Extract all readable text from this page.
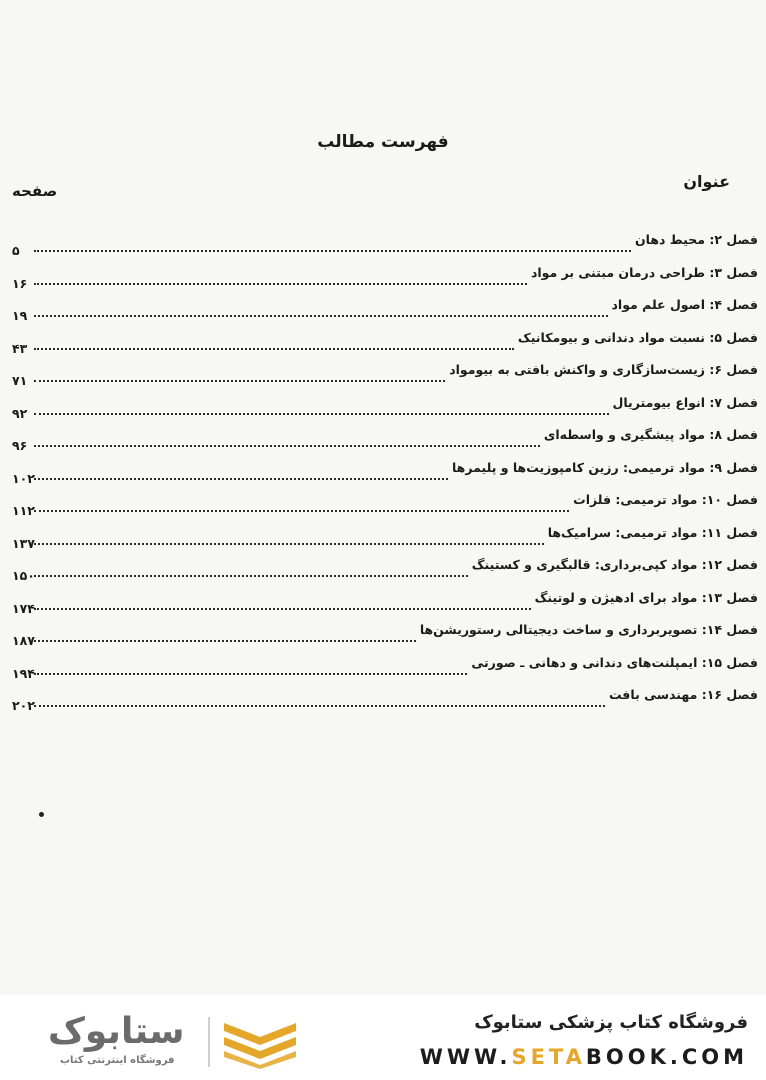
فهرست مطالب
عنوان
صفحه
فصل ۲: محیط دهان
۵
فصل ۳: طراحی درمان مبتنی بر مواد
۱۶
فصل ۴: اصول علم مواد
۱۹
فصل ۵: نسبت مواد دندانی و بیومکانیک
۴۳
فصل ۶: زیست‌سازگاری و واکنش بافتی به بیومواد
۷۱
فصل ۷: انواع بیومتریال
۹۲
فصل ۸: مواد پیشگیری و واسطه‌ای
۹۶
فصل ۹: مواد ترمیمی: رزین کامپوزیت‌ها و پلیمرها
۱۰۲
فصل ۱۰: مواد ترمیمی: فلزات
۱۱۲
فصل ۱۱: مواد ترمیمی: سرامیک‌ها
۱۳۷
فصل ۱۲: مواد کپی‌برداری: قالبگیری و کستینگ
۱۵۰
فصل ۱۳: مواد برای ادهیژن و لوتینگ
۱۷۴
فصل ۱۴: تصویربرداری و ساخت دیجیتالی رستوریشن‌ها
۱۸۷
فصل ۱۵: ایمپلنت‌های دندانی و دهانی ـ صورتی
۱۹۴
فصل ۱۶: مهندسی بافت
۲۰۲
ستابوک
فروشگاه اینترنتی کتاب
فروشگاه کتاب پزشکی ستابوک
WWW.SETABOOK.COM
